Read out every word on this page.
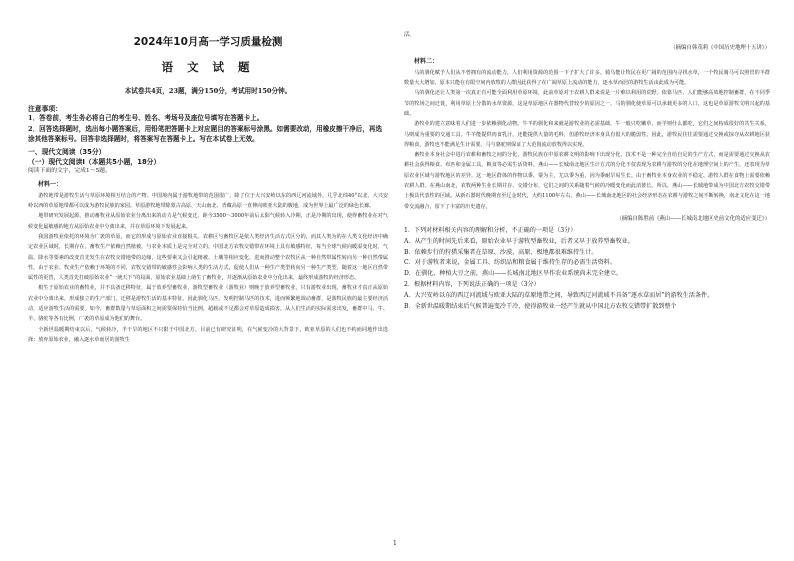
2024年10月高一学习质量检测
语 文 试 题
本试卷共4页，23题，满分150分，考试用时150分钟。
注意事项：
1．答卷前，考生务必将自己的考生号、姓名、考场号及座位号填写在答题卡上。
2．回答选择题时，选出每小题答案后，用铅笔把答题卡上对应题目的答案标号涂黑。如需要改动，用橡皮擦干净后，再选涂其他答案标号。回答非选择题时，将答案写在答题卡上。写在本试卷上无效。
一、现代文阅读（35分）
（一）现代文阅读Ⅰ（本题共5小题，18分）
阅读下面的文字，完成1～5题。
材料一：

游牧地带是游牧生活与草原环境相互结合的产物。中国境内属于游牧地带的范围很广，除了位于大兴安岭以东的西辽河流域外，几乎北纬40°以北、大兴安岭以西的草原地带都可以成为游牧民族的家园。草原游牧地带除蒙古高原、天山南北、青藏高原一直伸向欧亚大陆的腹地，成为世界上最广泛的绿色长廊。

地带研究发展起源，推动畜牧业从原始农业分离出来的动力是气候变迁。距今3500～3000年前后太阳气候转入冷期，正是冷期的出现，使得畜牧业在对气候变化最敏感的地方从原始农业中分离出来，并在草原环境下发展起来。

我国游牧业依托的环境为广袤的草原，而它的形成与原始农业直接相关。农耕区与畜牧区是依人类经济生活方式区分的，而其人类为的在人类文化经济中确定农业区域时，长期存在。畜牧生产依赖自然植被，与农业本质上是完全对立的。中国北方农牧交错带在环境上具有敏感特征，每当全球气候向暖湿变化时，气温、降水等要素的改变首先发生在农牧交错地带的边缘，这些要素又会引起植被、土壤等相应变化，进而推动整个农牧区从一种自然带属性转向另一种自然带属性。由于农业、牧业生产依赖于环境的不同，农牧交错带的敏感性会影响人类的生活方式，促使人们从一种生产类型转向另一种生产类型。随着这一地区自然带属性的更替，人类首先打破原始农业“一统天下”的局面，原始农业基础上萌生了畜牧业，并逐渐从原始农业中分化出来，最终形成游牧的经济形态。

根生于原始农业的畜牧业，并不具备迁移特征，属于放养型畜牧业，游牧型畜牧业（游牧业）则晚于放养型畜牧业，只有游牧业出现，畜牧业才真正从原始农业中分离出来，形成独立的生产部门。迁移是游牧生活的基本特征，因此驯化马匹，发明控制马匹的技术，进而频繁地调动畜群，是游牧民族的最主要经济活动，适应游牧生活的需要。如今，畜群数量与草原面积之间需要保持恰当比例，超载或不足都会对草原造成损害。从人们生活的实际需求出发，畜群中马、牛、羊、骆驼等各有比例，广袤的草原成为他们的舞台。

全新世温暖期结束以后，气候转冷，半干旱的地区不只限于中国北方。目前已有研究证明，在气候变冷的大背景下，欧亚草原的人们也不约而同地作出选择：放弃原始农业，融入逐水草而居的游牧生

活。

（摘编自韩茂莉《中国历史地理十五讲》）
材料二：

马的驯化赋予人们从不曾拥有的流动能力，人们利用资源的范围一下子扩大了许多。骑马能让牧民在更广阔的范围内寻找水草，一个牧民骑马可以照管的羊群数量大大增加，原本只能在有限空间内放牧的人群因此获得了在广阔草原上流动的能力，逐水草而居的游牧生活由此成为可能。

马的驯化还让人类第一次真正有可能全面利用草原环境，此前草原对于农耕人群来说是一片难以利用的荒野。依靠马匹，人们能够高效地控制畜群，在不同季节的牧场之间迁徙，利用草原上分散的水草资源，这是草原地区在器物代替较少的原因之一。马的驯化使草原可以承载更多的人口，这也是草原游牧文明兴起的基础。

游牧业的建立意味着人们进一步依赖驯化动物。牛羊的驯化和来就是游牧业的必需基础，牛一般只吃嫩草，而羊则什么都吃，它们之间构成很好的共生关系，马则成为重要的交通工具。牛羊能提供肉食乳汁，还能提供大量的毛料，但游牧经济本身具有很大的脆弱性。因此，游牧民往往需要通过交换或掠夺从农耕地区获得粮食，游牧也不能满足生计需要。马与骆驼则保证了大范围流动放牧得以实现。

畜牧业本身社会中进行农耕和畜牧之间的分化，游牧民族在中原农耕文明的影响下出现分化，技术不是一种完全自给自足的生产方式，而是需要通过交换从农耕社会获得粮食、布匹和金属工具，粮食等必需生活资料。燕山——长城南北地区生计方式的分化不仅表现为农耕与游牧的分化在地理空间上的产生，还表现为草原农业区域与游牧地区的差异。这一地区群体的作物以黍、粟为主，尤以黍为重，因为黍耐旱易生长。由于畜牧业本身农业的不稳定、游牧人群在食物上需要依赖农耕人群。在燕山南北，农牧两种生业长期并存、交错分布，它们之间的关系随着气候的冷暖变化而此消彼长。所以，燕山——长城地带成为中国北方农牧交错带上极具代表性的区域。从新石器时代晚期直至辽金时代，大约1100年左右，燕山——长城南北地区的社会经济形态在农耕与游牧之间不断转换，南北文化在这一地带交流融合，留下了丰富的历史遗存。

（摘编自陈胜前《燕山——长城南北地区史前文化的适应变迁》）

1．下列对材料相关内容的理解和分析，不正确的一项是（3分）

A．从产生的时间先后来看，原始农业早于游牧型畜牧业，后者又早于放养型畜牧业。

B．依赖步行的狩猎采集者在草原、沙漠、高原、极地都很难维持生计。

C．对于游牧者来说，金属工具、纺织品和粮食属于维持生存的必需生活资料。

D．在驯化、种植大豆之前，燕山——长城南北地区旱作农业系统尚未完全建立。

2．根据材料内容，下列说法正确的一项是（3分）

A．大兴安岭以东的西辽河流域与欧亚大陆的草原地带之间，导致西辽河流域不具备“逐水草而居”的游牧生活条件。

B．全新世温暖期结束后气候普遍变冷干冷，使得游牧业一经产生就从中国北方农牧交错带扩散到整个

1
